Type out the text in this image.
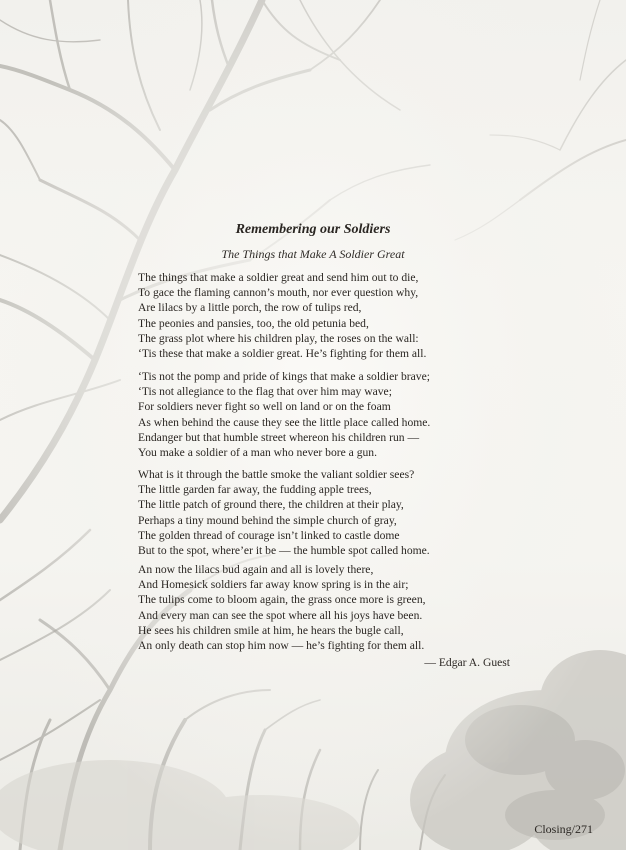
Remembering our Soldiers
The Things that Make A Soldier Great
The things that make a soldier great and send him out to die,
To gace the flaming cannon’s mouth, nor ever question why,
Are lilacs by a little porch, the row of tulips red,
The peonies and pansies, too, the old petunia bed,
The grass plot where his children play, the roses on the wall:
‘Tis these that make a soldier great. He’s fighting for them all.
‘Tis not the pomp and pride of kings that make a soldier brave;
‘Tis not allegiance to the flag that over him may wave;
For soldiers never fight so well on land or on the foam
As when behind the cause they see the little place called home.
Endanger but that humble street whereon his children run —
You make a soldier of a man who never bore a gun.
What is it through the battle smoke the valiant soldier sees?
The little garden far away, the fudding apple trees,
The little patch of ground there, the children at their play,
Perhaps a tiny mound behind the simple church of gray,
The golden thread of courage isn’t linked to castle dome
But to the spot, where’er it be — the humble spot called home.
An now the lilacs bud again and all is lovely there,
And Homesick soldiers far away know spring is in the air;
The tulips come to bloom again, the grass once more is green,
And every man can see the spot where all his joys have been.
He sees his children smile at him, he hears the bugle call,
An only death can stop him now — he’s fighting for them all.
— Edgar A. Guest
Closing/271
